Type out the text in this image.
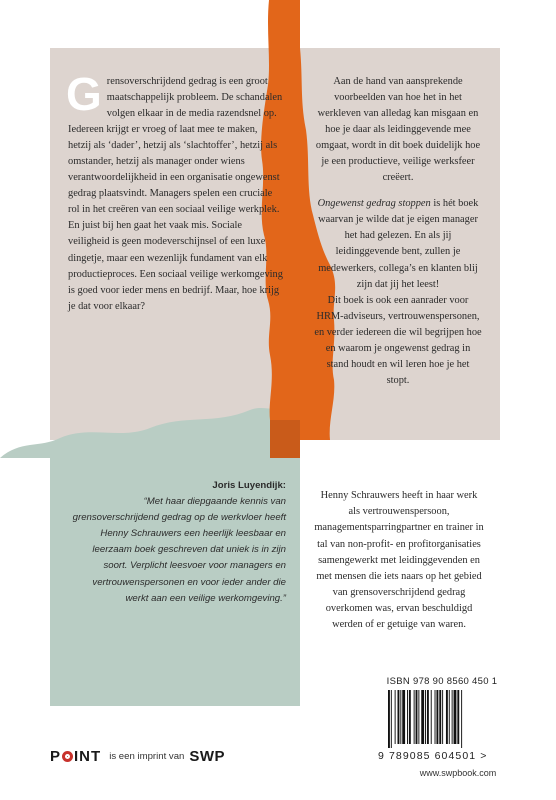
G rensoverschrijdend gedrag is een groot maatschappelijk probleem. De schandalen volgen elkaar in de media razendsnel op. Iedereen krijgt er vroeg of laat mee te maken, hetzij als ‘dader’, hetzij als ‘slachtoffer’, hetzij als omstander, hetzij als manager onder wiens verantwoordelijkheid in een organisatie ongewenst gedrag plaatsvindt. Managers spelen een cruciale rol in het creëren van een sociaal veilige werkplek. En juist bij hen gaat het vaak mis. Sociale veiligheid is geen modeverschijnsel of een luxe dingetje, maar een wezenlijk fundament van elk productieproces. Een sociaal veilige werkomgeving is goed voor ieder mens en bedrijf. Maar, hoe krijg je dat voor elkaar?

Aan de hand van aansprekende voorbeelden van hoe het in het werkleven van alledag kan misgaan en hoe je daar als leidinggevende mee omgaat, wordt in dit boek duidelijk hoe je een productieve, veilige werksfeer creëert.

Ongewenst gedrag stoppen is hét boek waarvan je wilde dat je eigen manager het had gelezen. En als jij leidinggevende bent, zullen je medewerkers, collega’s en klanten blij zijn dat jij het leest!

Dit boek is ook een aanrader voor HRM-adviseurs, vertrouwenspersonen, en verder iedereen die wil begrijpen hoe en waarom je ongewenst gedrag in stand houdt en wil leren hoe je het stopt.

Joris Luyendijk:
“Met haar diepgaande kennis van grensoverschrijdend gedrag op de werkvloer heeft Henny Schrauwers een heerlijk leesbaar en leerzaam boek geschreven dat uniek is in zijn soort. Verplicht leesvoer voor managers en vertrouwenspersonen en voor ieder ander die werkt aan een veilige werkomgeving.”

Henny Schrauwers heeft in haar werk als vertrouwenspersoon, managementsparringpartner en trainer in tal van non-profit- en profitorganisaties samengewerkt met leidinggevenden en met mensen die iets naars op het gebied van grensoverschrijdend gedrag overkomen was, ervan beschuldigd werden of er getuige van waren.

ISBN 978 90 8560 450 1
9 789085 604501 >
www.swpbook.com
P INT is een imprint van SWP
